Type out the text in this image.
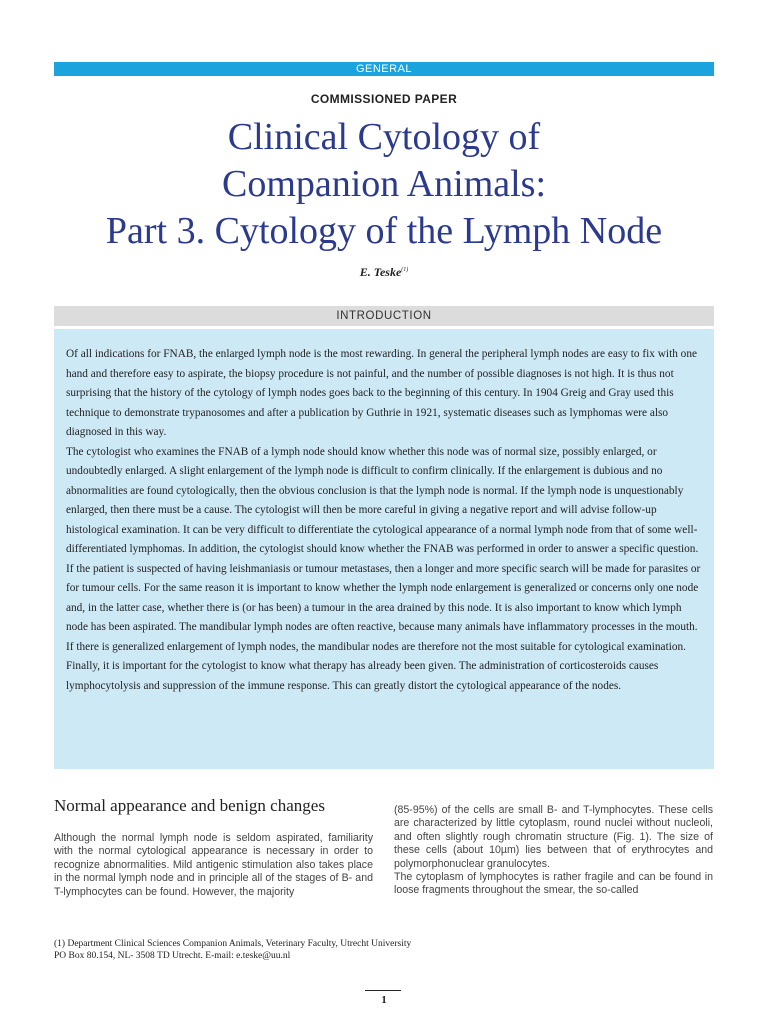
GENERAL
COMMISSIONED PAPER
Clinical Cytology of
Companion Animals:
Part 3. Cytology of the Lymph Node
E. Teske$^{(1)}$
INTRODUCTION

Of all indications for FNAB, the enlarged lymph node is the most rewarding. In general the peripheral lymph nodes are easy to fix with one hand and therefore easy to aspirate, the biopsy procedure is not painful, and the number of possible diagnoses is not high. It is thus not surprising that the history of the cytology of lymph nodes goes back to the beginning of this century. In 1904 Greig and Gray used this technique to demonstrate trypanosomes and after a publication by Guthrie in 1921, systematic diseases such as lymphomas were also diagnosed in this way.

The cytologist who examines the FNAB of a lymph node should know whether this node was of normal size, possibly enlarged, or undoubtedly enlarged. A slight enlargement of the lymph node is difficult to confirm clinically. If the enlargement is dubious and no abnormalities are found cytologically, then the obvious conclusion is that the lymph node is normal. If the lymph node is unquestionably enlarged, then there must be a cause. The cytologist will then be more careful in giving a negative report and will advise follow-up histological examination. It can be very difficult to differentiate the cytological appearance of a normal lymph node from that of some well-differentiated lymphomas. In addition, the cytologist should know whether the FNAB was performed in order to answer a specific question. If the patient is suspected of having leishmaniasis or tumour metastases, then a longer and more specific search will be made for parasites or for tumour cells. For the same reason it is important to know whether the lymph node enlargement is generalized or concerns only one node and, in the latter case, whether there is (or has been) a tumour in the area drained by this node. It is also important to know which lymph node has been aspirated. The mandibular lymph nodes are often reactive, because many animals have inflammatory processes in the mouth.

If there is generalized enlargement of lymph nodes, the mandibular nodes are therefore not the most suitable for cytological examination. Finally, it is important for the cytologist to know what therapy has already been given. The administration of corticosteroids causes lymphocytolysis and suppression of the immune response. This can greatly distort the cytological appearance of the nodes.

Normal appearance and benign changes

Although the normal lymph node is seldom aspirated, familiarity with the normal cytological appearance is necessary in order to recognize abnormalities. Mild antigenic stimulation also takes place in the normal lymph node and in principle all of the stages of B- and T-lymphocytes can be found. However, the majority

(85-95%) of the cells are small B- and T-lymphocytes. These cells are characterized by little cytoplasm, round nuclei without nucleoli, and often slightly rough chromatin structure (Fig. 1). The size of these cells (about 10µm) lies between that of erythrocytes and polymorphonuclear granulocytes.

The cytoplasm of lymphocytes is rather fragile and can be found in loose fragments throughout the smear, the so-called

(1) Department Clinical Sciences Companion Animals, Veterinary Faculty, Utrecht University
PO Box 80.154, NL- 3508 TD Utrecht. E-mail: e.teske@uu.nl
1
